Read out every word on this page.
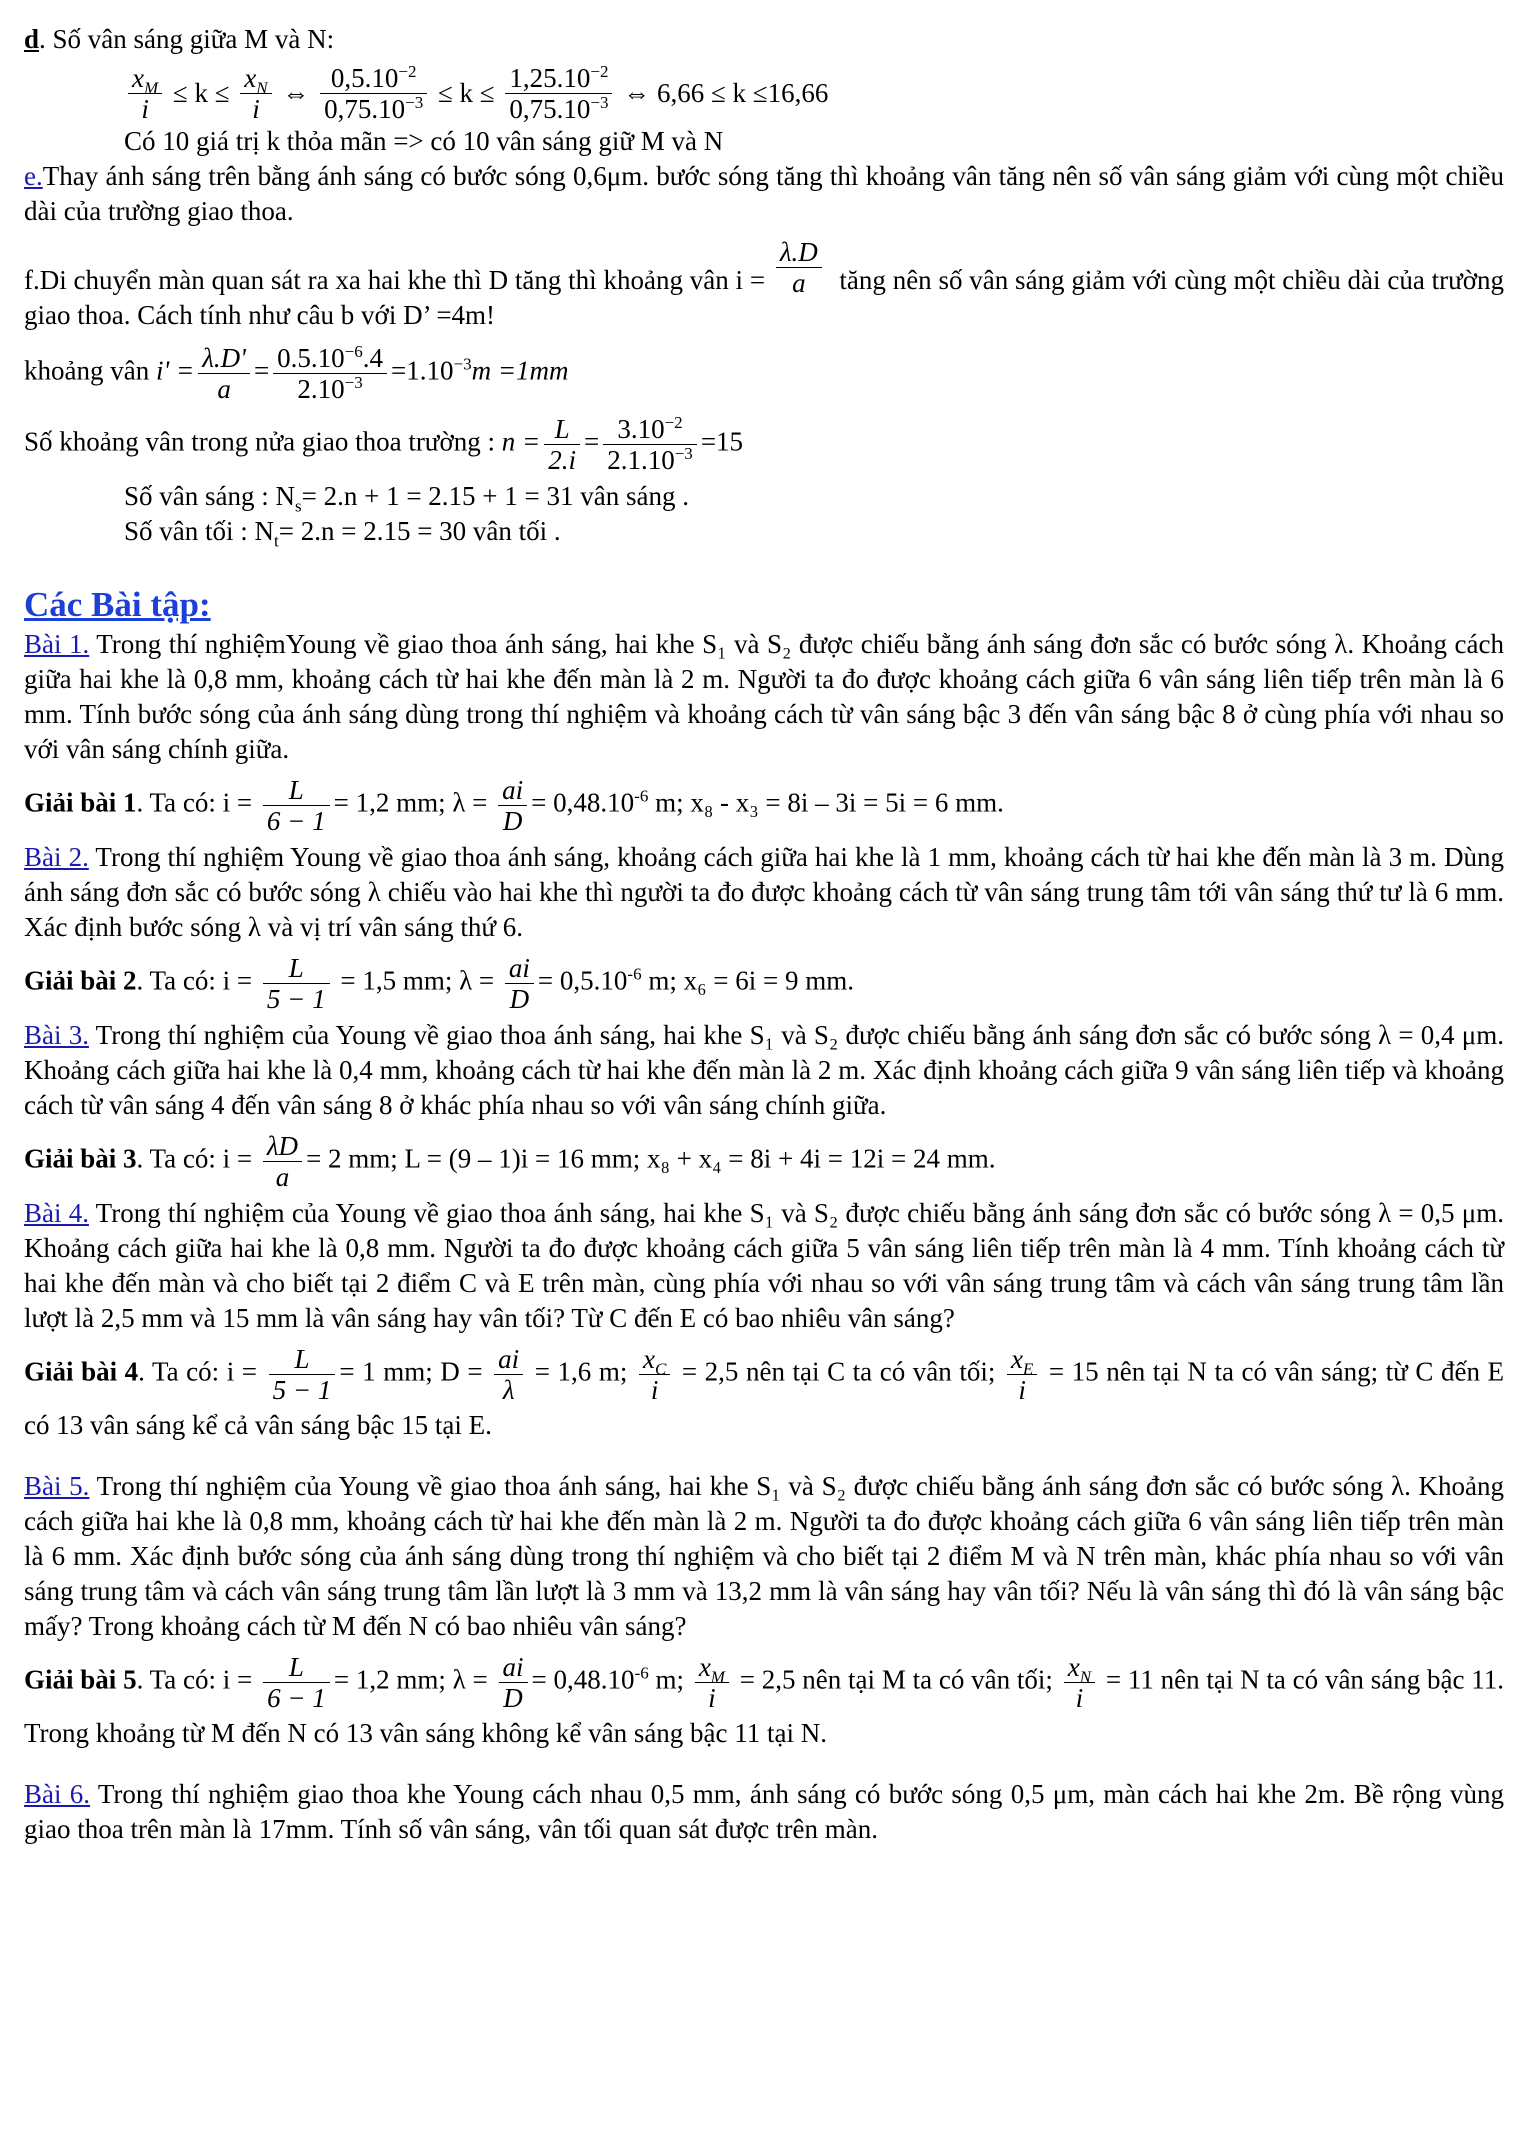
d. Số vân sáng giữa M và N:

$\frac{x_M}{i} \le k \le \frac{x_N}{i}$ ⇔ $\frac{0,5.10^{-2}}{0,75.10^{-3}} \le k \le \frac{1,25.10^{-2}}{0,75.10^{-3}}$ ⇔ 6,66 ≤ k ≤16,66

Có 10 giá trị k thỏa mãn => có 10 vân sáng giữ M và N

e.Thay ánh sáng trên bằng ánh sáng có bước sóng 0,6μm. bước sóng tăng thì khoảng vân tăng nên số vân sáng giảm với cùng một chiều dài của trường giao thoa.

f.Di chuyển màn quan sát ra xa hai khe thì D tăng thì khoảng vân $i = \frac{\lambda.D}{a}$ tăng nên số vân sáng giảm với cùng một chiều dài của trường giao thoa. Cách tính như câu b với D’ =4m!

khoảng vân $i' = \frac{\lambda.D'}{a} = \frac{0.5.10^{-6}.4}{2.10^{-3}} =1.10^{-3}m =1mm$
Số khoảng vân trong nửa giao thoa trường : $n = \frac{L}{2.i} = \frac{3.10^{-2}}{2.1.10^{-3}} =15$

Số vân sáng : $N_s= 2.n + 1 = 2.15 + 1 = 31$ vân sáng .

Số vân tối : $N_t= 2.n = 2.15 = 30$ vân tối .

Các Bài tập:

Bài 1. Trong thí nghiệmYoung về giao thoa ánh sáng, hai khe S₁ và S₂ được chiếu bằng ánh sáng đơn sắc có bước sóng λ. Khoảng cách giữa hai khe là 0,8 mm, khoảng cách từ hai khe đến màn là 2 m. Người ta đo được khoảng cách giữa 6 vân sáng liên tiếp trên màn là 6 mm. Tính bước sóng của ánh sáng dùng trong thí nghiệm và khoảng cách từ vân sáng bậc 3 đến vân sáng bậc 8 ở cùng phía với nhau so với vân sáng chính giữa.

Giải bài 1. Ta có: $i = \frac{L}{6 - 1} = 1,2$ mm; $\lambda = \frac{ai}{D} = 0,48.10^{-6}$ m; x₈ - x₃ = 8i – 3i = 5i = 6 mm.

Bài 2. Trong thí nghiệm Young về giao thoa ánh sáng, khoảng cách giữa hai khe là 1 mm, khoảng cách từ hai khe đến màn là 3 m. Dùng ánh sáng đơn sắc có bước sóng λ chiếu vào hai khe thì người ta đo được khoảng cách từ vân sáng trung tâm tới vân sáng thứ tư là 6 mm. Xác định bước sóng λ và vị trí vân sáng thứ 6.

Giải bài 2. Ta có: $i = \frac{L}{5 - 1} = 1,5$ mm; $\lambda = \frac{ai}{D} = 0,5.10^{-6}$ m; x₆ = 6i = 9 mm.

Bài 3. Trong thí nghiệm của Young về giao thoa ánh sáng, hai khe S₁ và S₂ được chiếu bằng ánh sáng đơn sắc có bước sóng λ = 0,4 μm. Khoảng cách giữa hai khe là 0,4 mm, khoảng cách từ hai khe đến màn là 2 m. Xác định khoảng cách giữa 9 vân sáng liên tiếp và khoảng cách từ vân sáng 4 đến vân sáng 8 ở khác phía nhau so với vân sáng chính giữa.

Giải bài 3. Ta có: $i = \frac{\lambda D}{a} = 2$ mm; L = (9 – 1)i = 16 mm; x₈ + x₄ = 8i + 4i = 12i = 24 mm.

Bài 4. Trong thí nghiệm của Young về giao thoa ánh sáng, hai khe S₁ và S₂ được chiếu bằng ánh sáng đơn sắc có bước sóng λ = 0,5 μm. Khoảng cách giữa hai khe là 0,8 mm. Người ta đo được khoảng cách giữa 5 vân sáng liên tiếp trên màn là 4 mm. Tính khoảng cách từ hai khe đến màn và cho biết tại 2 điểm C và E trên màn, cùng phía với nhau so với vân sáng trung tâm và cách vân sáng trung tâm lần lượt là 2,5 mm và 15 mm là vân sáng hay vân tối? Từ C đến E có bao nhiêu vân sáng?

Giải bài 4. Ta có: $i = \frac{L}{5 - 1} = 1$ mm; $D = \frac{ai}{\lambda} = 1,6$ m; $\frac{x_C}{i} = 2,5$ nên tại C ta có vân tối; $\frac{x_E}{i} = 15$ nên tại N ta có vân sáng; từ C đến E có 13 vân sáng kể cả vân sáng bậc 15 tại E.

Bài 5. Trong thí nghiệm của Young về giao thoa ánh sáng, hai khe S₁ và S₂ được chiếu bằng ánh sáng đơn sắc có bước sóng λ. Khoảng cách giữa hai khe là 0,8 mm, khoảng cách từ hai khe đến màn là 2 m. Người ta đo được khoảng cách giữa 6 vân sáng liên tiếp trên màn là 6 mm. Xác định bước sóng của ánh sáng dùng trong thí nghiệm và cho biết tại 2 điểm M và N trên màn, khác phía nhau so với vân sáng trung tâm và cách vân sáng trung tâm lần lượt là 3 mm và 13,2 mm là vân sáng hay vân tối? Nếu là vân sáng thì đó là vân sáng bậc mấy? Trong khoảng cách từ M đến N có bao nhiêu vân sáng?

Giải bài 5. Ta có: $i = \frac{L}{6 - 1} = 1,2$ mm; $\lambda = \frac{ai}{D} = 0,48.10^{-6}$ m; $\frac{x_M}{i} = 2,5$ nên tại M ta có vân tối; $\frac{x_N}{i} = 11$ nên tại N ta có vân sáng bậc 11. Trong khoảng từ M đến N có 13 vân sáng không kể vân sáng bậc 11 tại N.

Bài 6. Trong thí nghiệm giao thoa khe Young cách nhau 0,5 mm, ánh sáng có bước sóng 0,5 μm, màn cách hai khe 2m. Bề rộng vùng giao thoa trên màn là 17mm. Tính số vân sáng, vân tối quan sát được trên màn.
